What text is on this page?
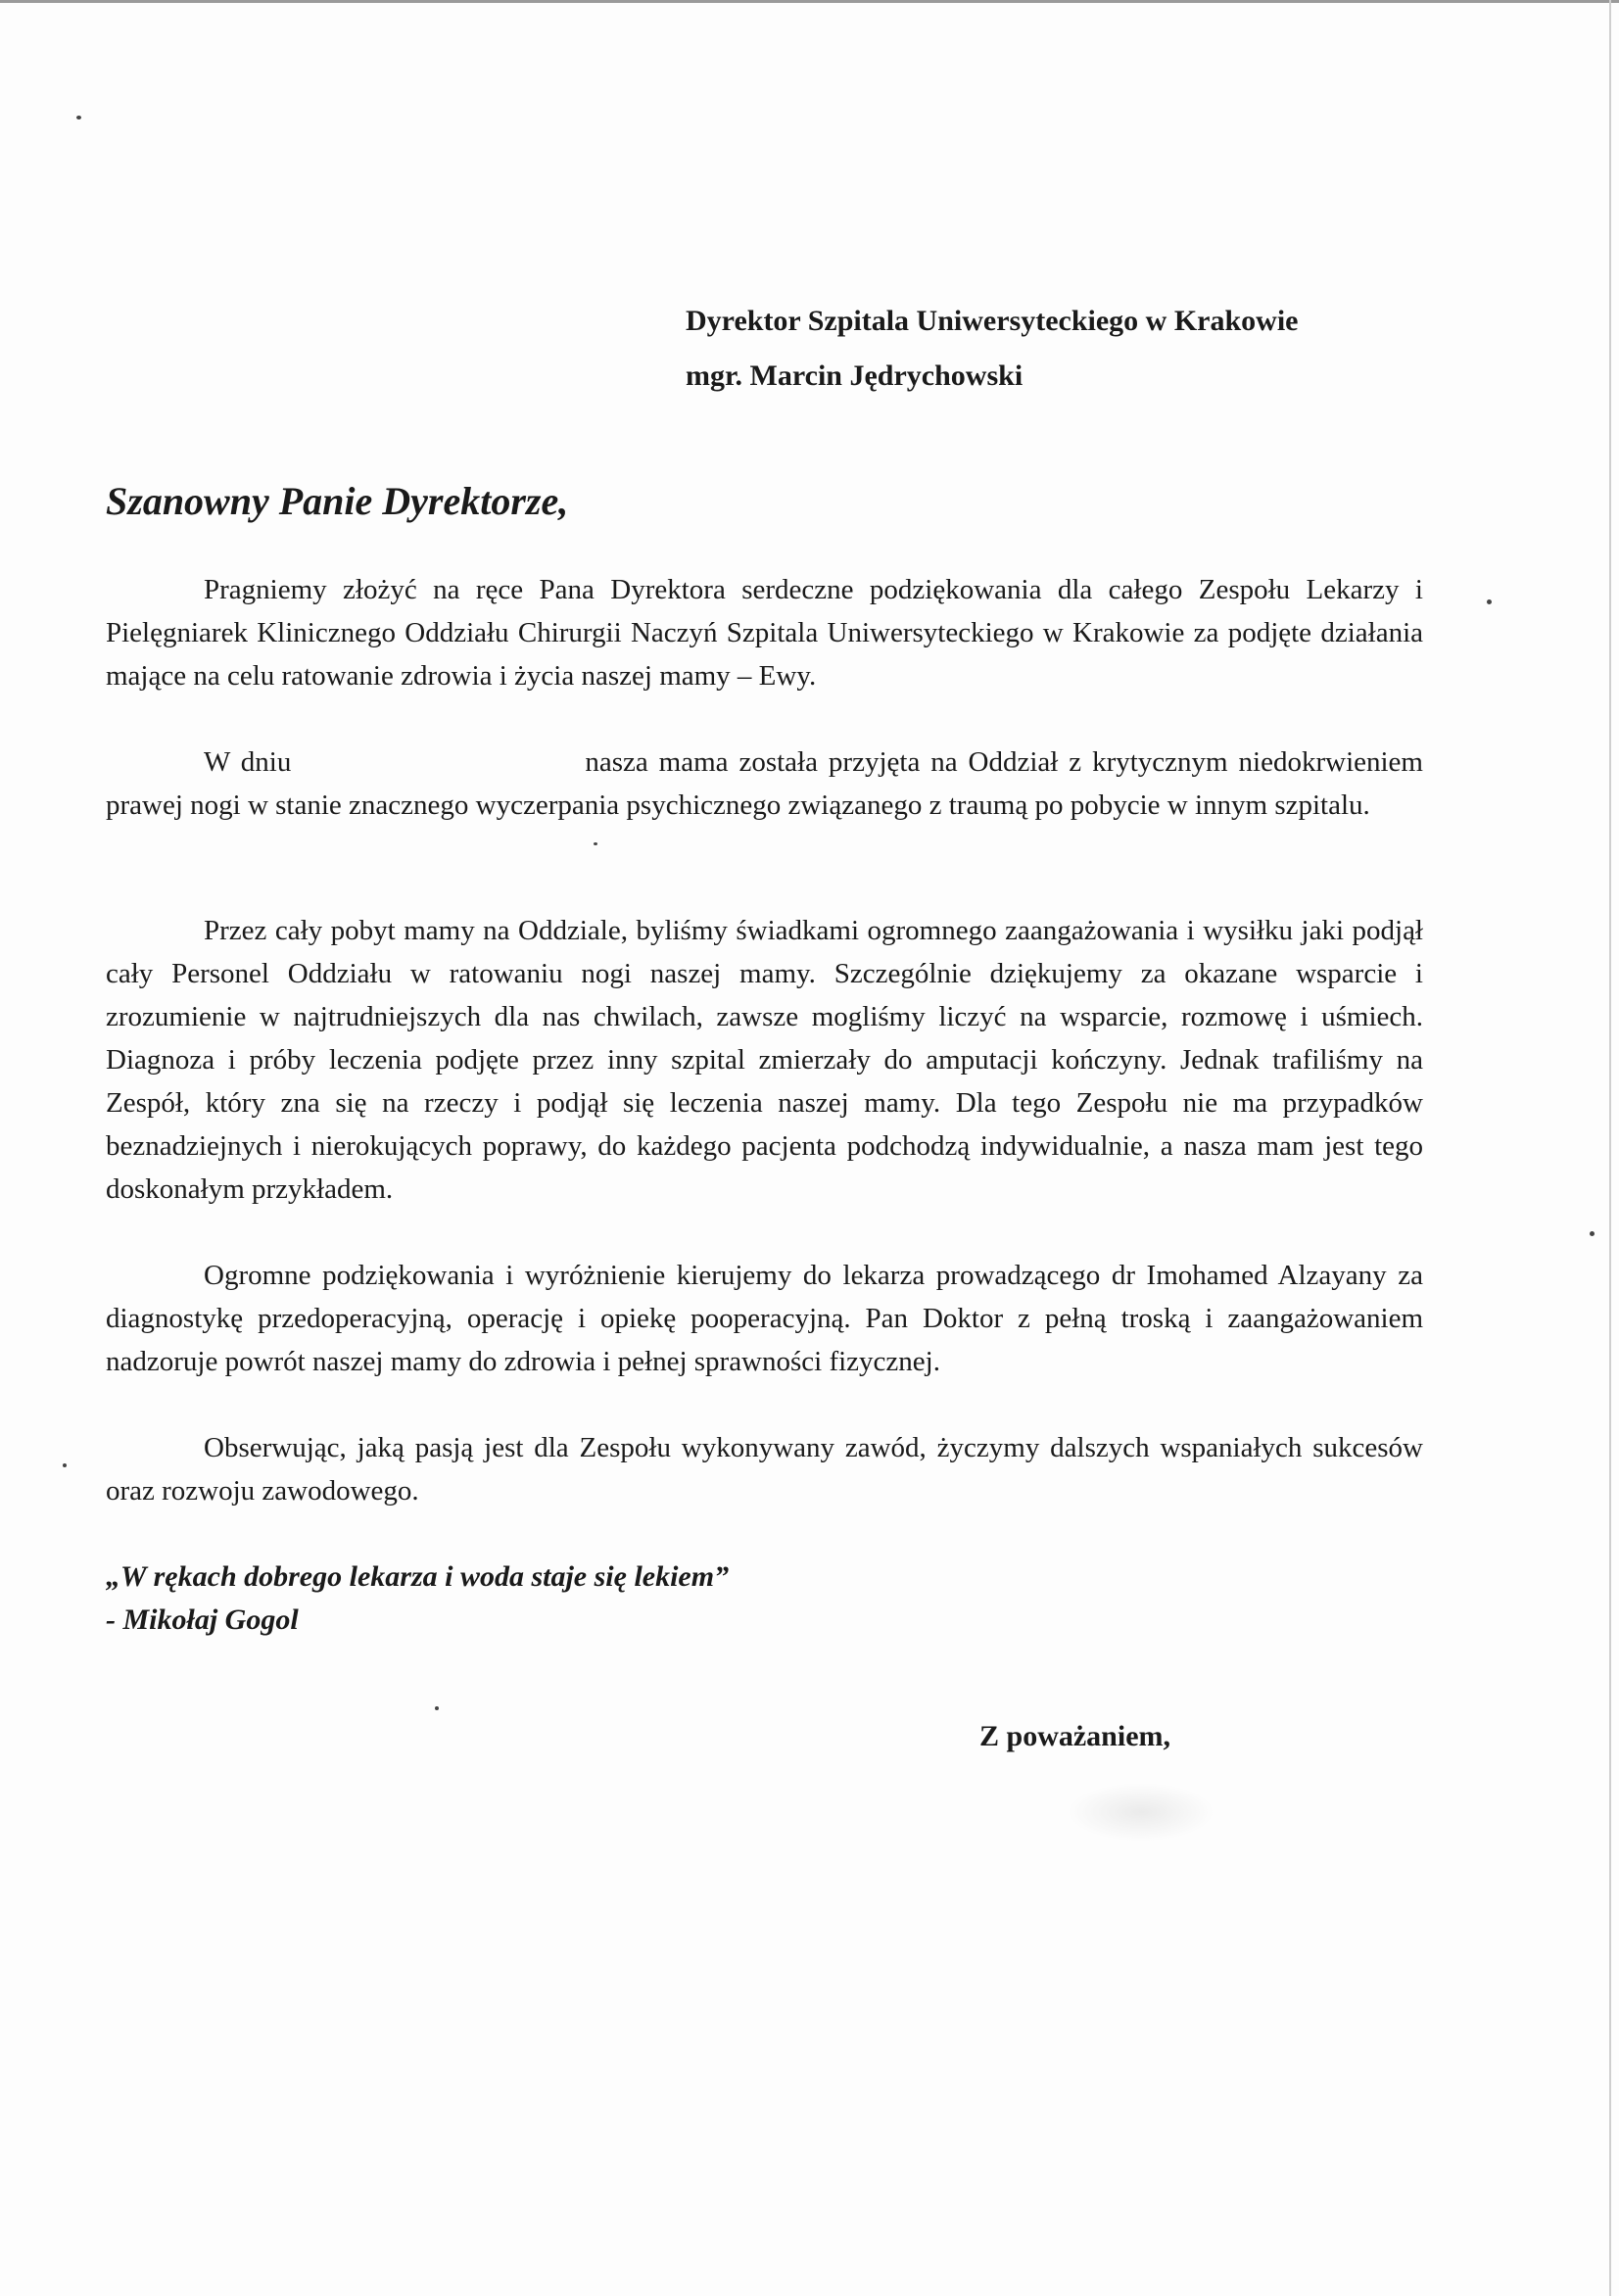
Dyrektor Szpitala Uniwersyteckiego w Krakowie
mgr. Marcin Jędrychowski
Szanowny Panie Dyrektorze,

Pragniemy złożyć na ręce Pana Dyrektora serdeczne podziękowania dla całego Zespołu Lekarzy i Pielęgniarek Klinicznego Oddziału Chirurgii Naczyń Szpitala Uniwersyteckiego w Krakowie za podjęte działania mające na celu ratowanie zdrowia i życia naszej mamy – Ewy.

W dniu	nasza mama została przyjęta na Oddział z krytycznym niedokrwieniem prawej nogi w stanie znacznego wyczerpania psychicznego związanego z traumą po pobycie w innym szpitalu.

Przez cały pobyt mamy na Oddziale, byliśmy świadkami ogromnego zaangażowania i wysiłku jaki podjął cały Personel Oddziału w ratowaniu nogi naszej mamy. Szczególnie dziękujemy za okazane wsparcie i zrozumienie w najtrudniejszych dla nas chwilach, zawsze mogliśmy liczyć na wsparcie, rozmowę i uśmiech. Diagnoza i próby leczenia podjęte przez inny szpital zmierzały do amputacji kończyny. Jednak trafiliśmy na Zespół, który zna się na rzeczy i podjął się leczenia naszej mamy. Dla tego Zespołu nie ma przypadków beznadziejnych i nierokujących poprawy, do każdego pacjenta podchodzą indywidualnie, a nasza mam jest tego doskonałym przykładem.

Ogromne podziękowania i wyróżnienie kierujemy do lekarza prowadzącego dr Imohamed Alzayany za diagnostykę przedoperacyjną, operację i opiekę pooperacyjną. Pan Doktor z pełną troską i zaangażowaniem nadzoruje powrót naszej mamy do zdrowia i pełnej sprawności fizycznej.

Obserwując, jaką pasją jest dla Zespołu wykonywany zawód, życzymy dalszych wspaniałych sukcesów oraz rozwoju zawodowego.

„W rękach dobrego lekarza i woda staje się lekiem”
- Mikołaj Gogol
Z poważaniem,
